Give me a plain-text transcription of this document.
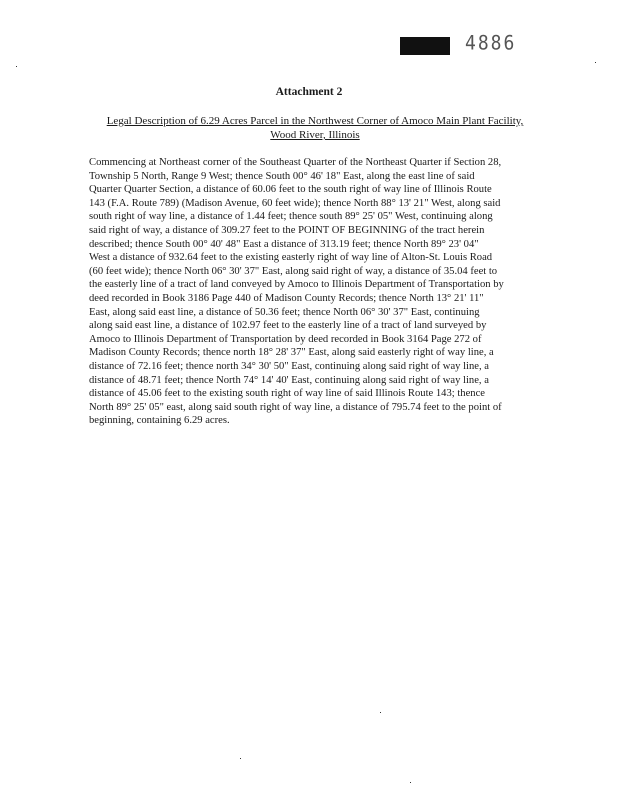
4886
Attachment 2
Legal Description of 6.29 Acres Parcel in the Northwest Corner of Amoco Main Plant Facility,
Wood River, Illinois
Commencing at Northeast corner of the Southeast Quarter of the Northeast Quarter if Section 28,
Township 5 North, Range 9 West; thence South 00° 46' 18" East, along the east line of said
Quarter Quarter Section, a distance of 60.06 feet to the south right of way line of Illinois Route
143 (F.A. Route 789) (Madison Avenue, 60 feet wide); thence North 88° 13' 21" West, along said
south right of way line, a distance of 1.44 feet; thence south 89° 25' 05" West, continuing along
said right of way, a distance of 309.27 feet to the POINT OF BEGINNING of the tract herein
described; thence South 00° 40' 48" East a distance of 313.19 feet; thence North 89° 23' 04"
West a distance of 932.64 feet to the existing easterly right of way line of Alton-St. Louis Road
(60 feet wide); thence North 06° 30' 37" East, along said right of way, a distance of 35.04 feet to
the easterly line of a tract of land conveyed by Amoco to Illinois Department of Transportation by
deed recorded in Book 3186 Page 440 of Madison County Records; thence North 13° 21' 11"
East, along said east line, a distance of 50.36 feet; thence North 06° 30' 37" East, continuing
along said east line, a distance of 102.97 feet to the easterly line of a tract of land surveyed by
Amoco to Illinois Department of Transportation by deed recorded in Book 3164 Page 272 of
Madison County Records; thence north 18° 28' 37" East, along said easterly right of way line, a
distance of 72.16 feet; thence north 34° 30' 50" East, continuing along said right of way line, a
distance of 48.71 feet; thence North 74° 14' 40' East, continuing along said right of way line, a
distance of 45.06 feet to the existing south right of way line of said Illinois Route 143; thence
North 89° 25' 05" east, along said south right of way line, a distance of 795.74 feet to the point of
beginning, containing 6.29 acres.
